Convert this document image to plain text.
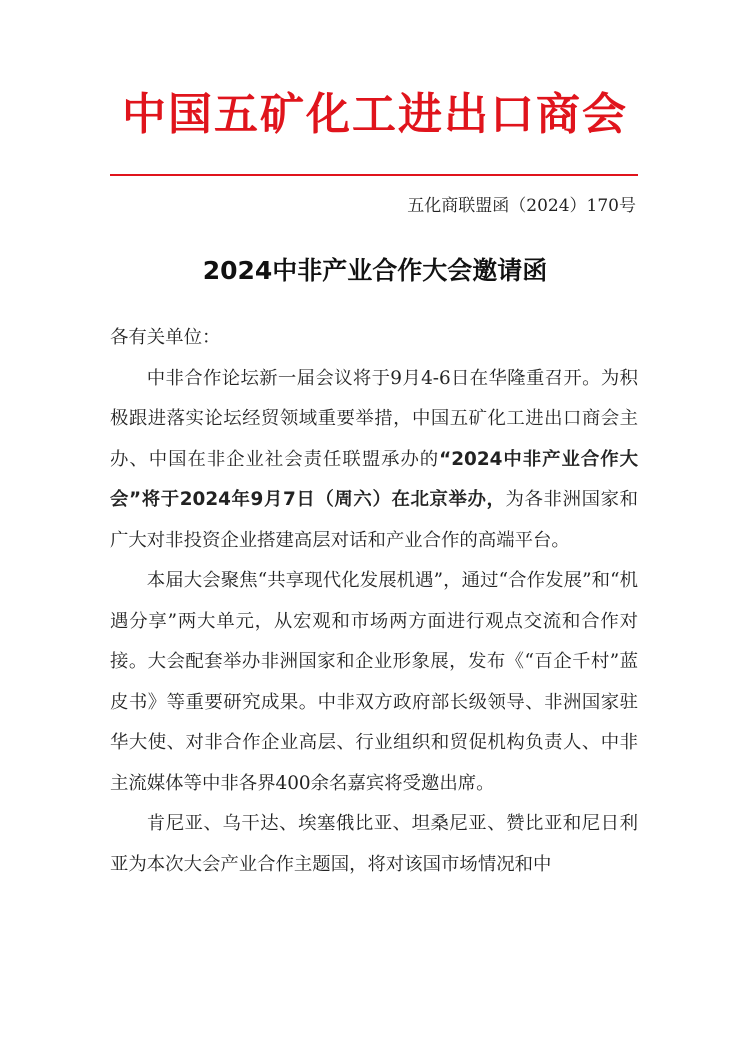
中国五矿化工进出口商会
五化商联盟函（2024）170号
2024中非产业合作大会邀请函

各有关单位：

中非合作论坛新一届会议将于9月4-6日在华隆重召开。为积极跟进落实论坛经贸领域重要举措，中国五矿化工进出口商会主办、中国在非企业社会责任联盟承办的“2024中非产业合作大会”将于2024年9月7日（周六）在北京举办，为各非洲国家和广大对非投资企业搭建高层对话和产业合作的高端平台。

本届大会聚焦“共享现代化发展机遇”，通过“合作发展”和“机遇分享”两大单元，从宏观和市场两方面进行观点交流和合作对接。大会配套举办非洲国家和企业形象展，发布《“百企千村”蓝皮书》等重要研究成果。中非双方政府部长级领导、非洲国家驻华大使、对非合作企业高层、行业组织和贸促机构负责人、中非主流媒体等中非各界400余名嘉宾将受邀出席。

肯尼亚、乌干达、埃塞俄比亚、坦桑尼亚、赞比亚和尼日利亚为本次大会产业合作主题国，将对该国市场情况和中
